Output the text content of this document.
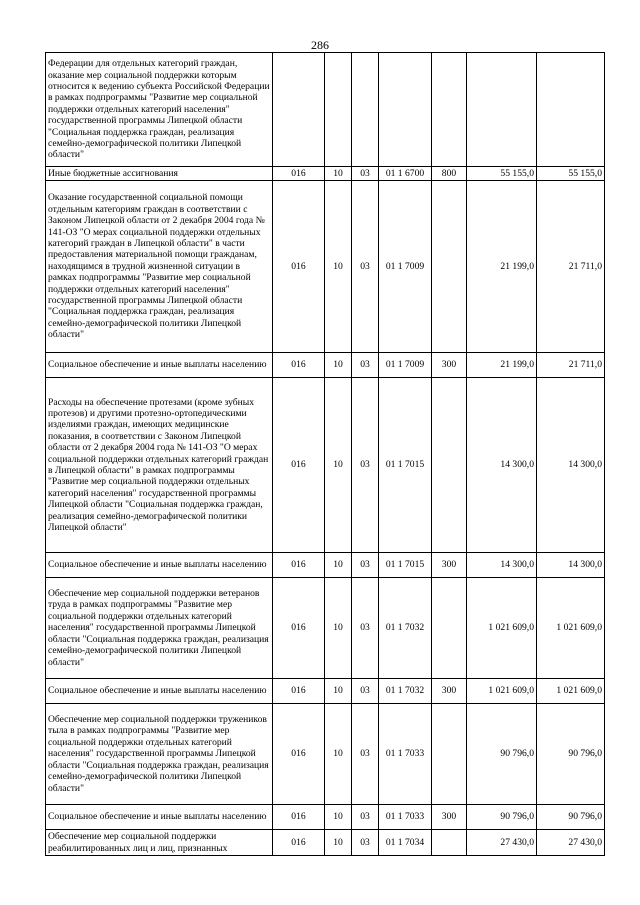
286
Федерации для отдельных категорий граждан, оказание мер социальной поддержки которым относится к ведению субъекта Российской Федерации в рамках подпрограммы "Развитие мер социальной поддержки отдельных категорий населения" государственной программы Липецкой области "Социальная поддержка граждан, реализация семейно-демографической политики Липецкой области"							
Иные бюджетные ассигнования	016	10	03	01 1 6700	800	55 155,0	55 155,0
Оказание государственной социальной помощи отдельным категориям граждан в соответствии с Законом Липецкой области от 2 декабря 2004 года № 141-ОЗ "О мерах социальной поддержки отдельных категорий граждан в Липецкой области" в части предоставления материальной помощи гражданам, находящимся в трудной жизненной ситуации в рамках подпрограммы "Развитие мер социальной поддержки отдельных категорий населения" государственной программы Липецкой области "Социальная поддержка граждан, реализация семейно-демографической политики Липецкой области"	016	10	03	01 1 7009		21 199,0	21 711,0
Социальное обеспечение и иные выплаты населению	016	10	03	01 1 7009	300	21 199,0	21 711,0
Расходы на обеспечение протезами (кроме зубных протезов) и другими протезно-ортопедическими изделиями граждан, имеющих медицинские показания, в соответствии с Законом Липецкой области от 2 декабря 2004 года № 141-ОЗ "О мерах социальной поддержки отдельных категорий граждан в Липецкой области" в рамках подпрограммы "Развитие мер социальной поддержки отдельных категорий населения" государственной программы Липецкой области "Социальная поддержка граждан, реализация семейно-демографической политики Липецкой области"	016	10	03	01 1 7015		14 300,0	14 300,0
Социальное обеспечение и иные выплаты населению	016	10	03	01 1 7015	300	14 300,0	14 300,0
Обеспечение мер социальной поддержки ветеранов труда в рамках подпрограммы "Развитие мер социальной поддержки отдельных категорий населения" государственной программы Липецкой области "Социальная поддержка граждан, реализация семейно-демографической политики Липецкой области"	016	10	03	01 1 7032		1 021 609,0	1 021 609,0
Социальное обеспечение и иные выплаты населению	016	10	03	01 1 7032	300	1 021 609,0	1 021 609,0
Обеспечение мер социальной поддержки тружеников тыла в рамках подпрограммы "Развитие мер социальной поддержки отдельных категорий населения" государственной программы Липецкой области "Социальная поддержка граждан, реализация семейно-демографической политики Липецкой области"	016	10	03	01 1 7033		90 796,0	90 796,0
Социальное обеспечение и иные выплаты населению	016	10	03	01 1 7033	300	90 796,0	90 796,0
Обеспечение мер социальной поддержки реабилитированных лиц и лиц, признанных	016	10	03	01 1 7034		27 430,0	27 430,0
